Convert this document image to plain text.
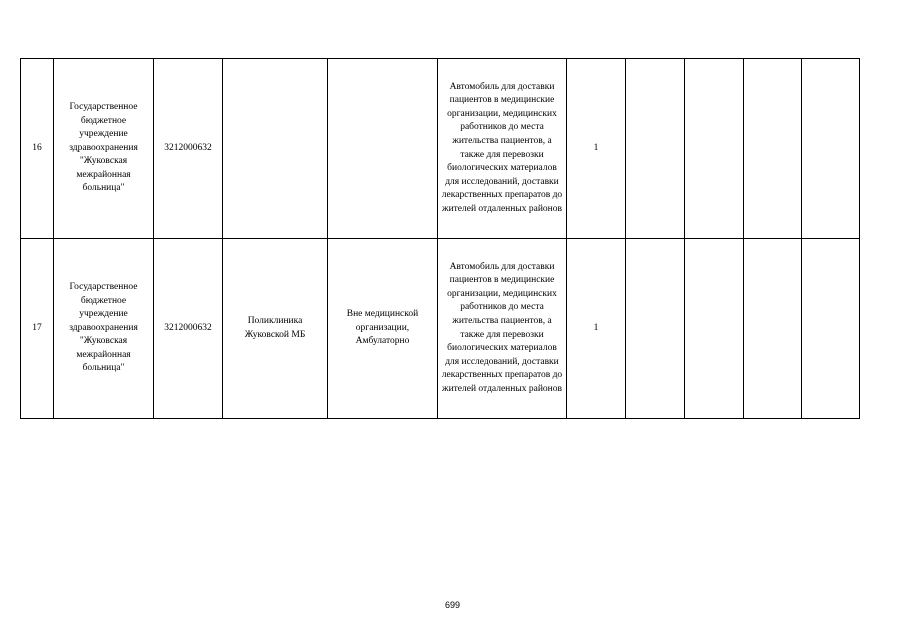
16	Государственное бюджетное учреждение здравоохранения "Жуковская межрайонная больница"	3212000632			Автомобиль для доставки пациентов в медицинские организации, медицинских работников до места жительства пациентов, а также для перевозки биологических материалов для исследований, доставки лекарственных препаратов до жителей отдаленных районов	1				
17	Государственное бюджетное учреждение здравоохранения "Жуковская межрайонная больница"	3212000632	Поликлиника Жуковской МБ	Вне медицинской организации, Амбулаторно	Автомобиль для доставки пациентов в медицинские организации, медицинских работников до места жительства пациентов, а также для перевозки биологических материалов для исследований, доставки лекарственных препаратов до жителей отдаленных районов	1				
699
